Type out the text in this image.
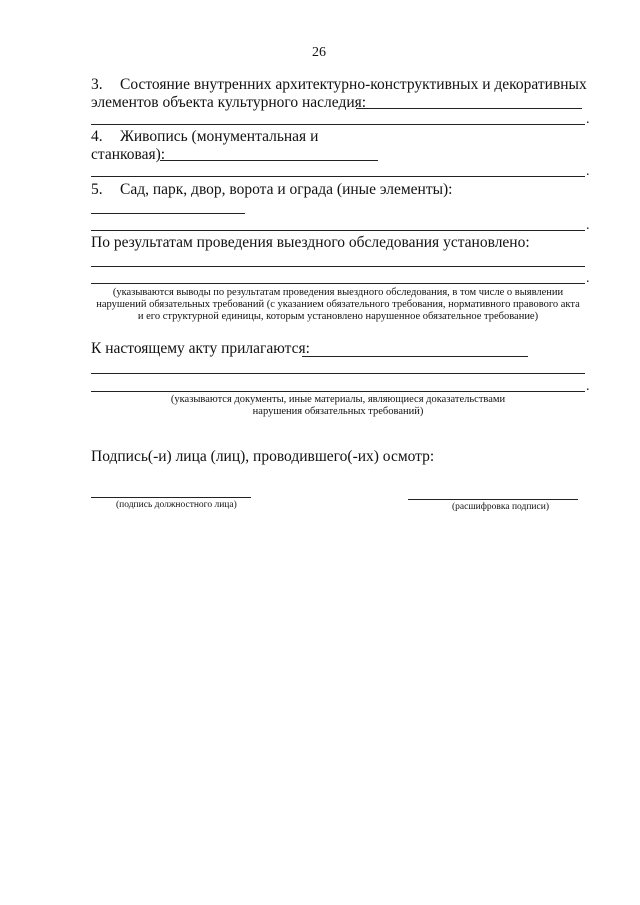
26
3. Состояние внутренних архитектурно-конструктивных и декоративных
элементов объекта культурного наследия:
.
4. Живопись (монументальная и
станковая):
.
5. Сад, парк, двор, ворота и ограда (иные элементы):
.
По результатам проведения выездного обследования установлено:
.
(указываются выводы по результатам проведения выездного обследования, в том числе о выявлении
нарушений обязательных требований (с указанием обязательного требования, нормативного правового акта
и его структурной единицы, которым установлено нарушенное обязательное требование)
К настоящему акту прилагаются:
.
(указываются документы, иные материалы, являющиеся доказательствами
нарушения обязательных требований)
Подпись(-и) лица (лиц), проводившего(-их) осмотр:
(подпись должностного лица)	(расшифровка подписи)
